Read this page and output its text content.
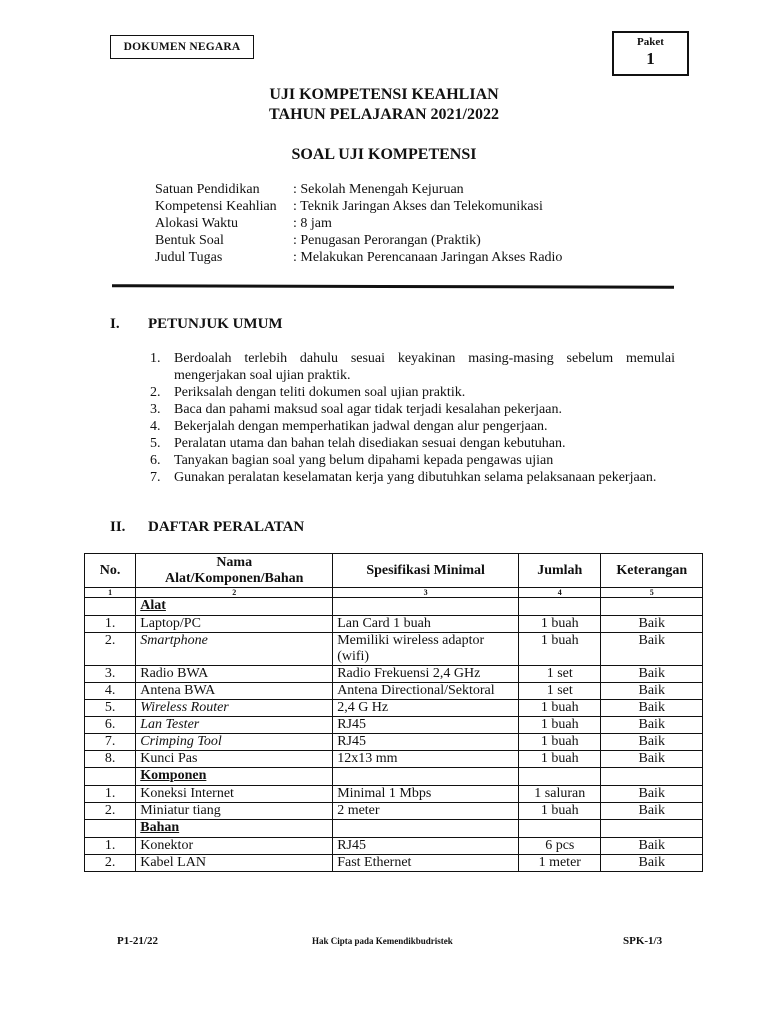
DOKUMEN NEGARA	Paket
1
UJI KOMPETENSI KEAHLIAN
TAHUN PELAJARAN 2021/2022
SOAL UJI KOMPETENSI
Satuan Pendidikan	: Sekolah Menengah Kejuruan
Kompetensi Keahlian	: Teknik Jaringan Akses dan Telekomunikasi
Alokasi Waktu	: 8 jam
Bentuk Soal	: Penugasan Perorangan (Praktik)
Judul Tugas	: Melakukan Perencanaan Jaringan Akses Radio
I. PETUNJUK UMUM
1. Berdoalah terlebih dahulu sesuai keyakinan masing-masing sebelum memulai mengerjakan soal ujian praktik.
2. Periksalah dengan teliti dokumen soal ujian praktik.
3. Baca dan pahami maksud soal agar tidak terjadi kesalahan pekerjaan.
4. Bekerjalah dengan memperhatikan jadwal dengan alur pengerjaan.
5. Peralatan utama dan bahan telah disediakan sesuai dengan kebutuhan.
6. Tanyakan bagian soal yang belum dipahami kepada pengawas ujian
7. Gunakan peralatan keselamatan kerja yang dibutuhkan selama pelaksanaan pekerjaan.
II. DAFTAR PERALATAN
No.	Nama Alat/Komponen/Bahan	Spesifikasi Minimal	Jumlah	Keterangan
1	2	3	4	5
	Alat			
1.	Laptop/PC	Lan Card 1 buah	1 buah	Baik
2.	Smartphone	Memiliki wireless adaptor (wifi)	1 buah	Baik
3.	Radio BWA	Radio Frekuensi 2,4 GHz	1 set	Baik
4.	Antena BWA	Antena Directional/Sektoral	1 set	Baik
5.	Wireless Router	2,4 G Hz	1 buah	Baik
6.	Lan Tester	RJ45	1 buah	Baik
7.	Crimping Tool	RJ45	1 buah	Baik
8.	Kunci Pas	12x13 mm	1 buah	Baik
	Komponen			
1.	Koneksi Internet	Minimal 1 Mbps	1 saluran	Baik
2.	Miniatur tiang	2 meter	1 buah	Baik
	Bahan			
1.	Konektor	RJ45	6 pcs	Baik
2.	Kabel LAN	Fast Ethernet	1 meter	Baik
P1-21/22	Hak Cipta pada Kemendikbudristek	SPK-1/3
